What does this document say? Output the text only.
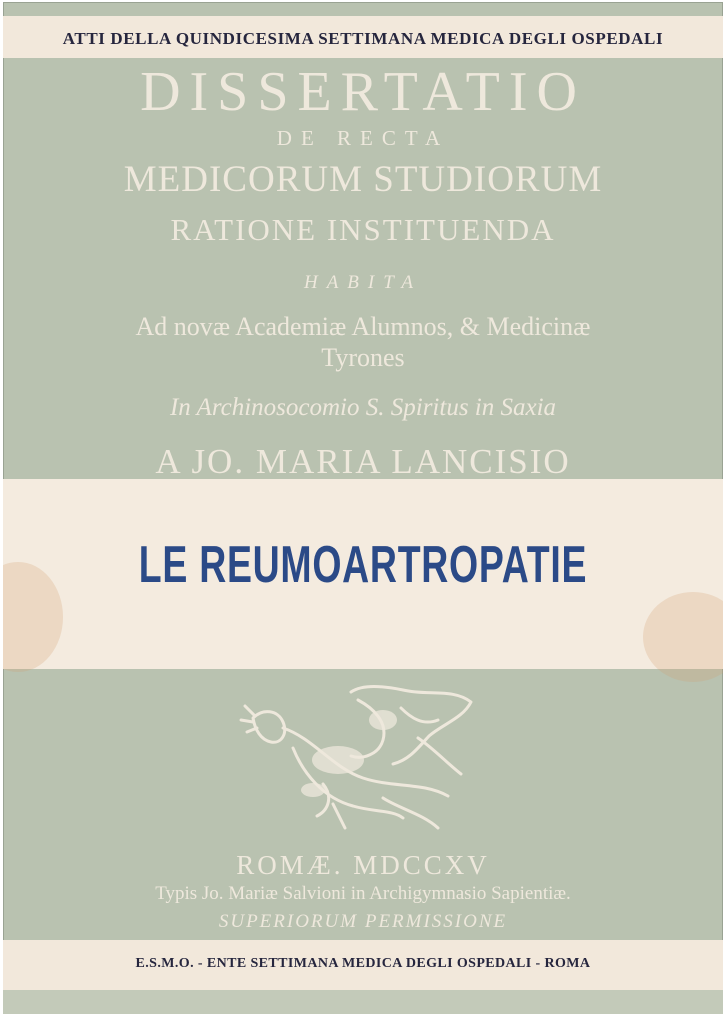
ATTI DELLA QUINDICESIMA SETTIMANA MEDICA DEGLI OSPEDALI
DISSERTATIO
DE RECTA
MEDICORUM STUDIORUM
RATIONE INSTITUENDA
HABITA
Ad novæ Academiæ Alumnos, & Medicinæ
Tyrones
In Archinosocomio S. Spiritus in Saxia
A JO. MARIA LANCISIO
LE REUMOARTROPATIE
ROMÆ. MDCCXV
Typis Jo. Mariæ Salvioni in Archigymnasio Sapientiæ.
SUPERIORUM PERMISSIONE
E.S.M.O. - ENTE SETTIMANA MEDICA DEGLI OSPEDALI - ROMA
